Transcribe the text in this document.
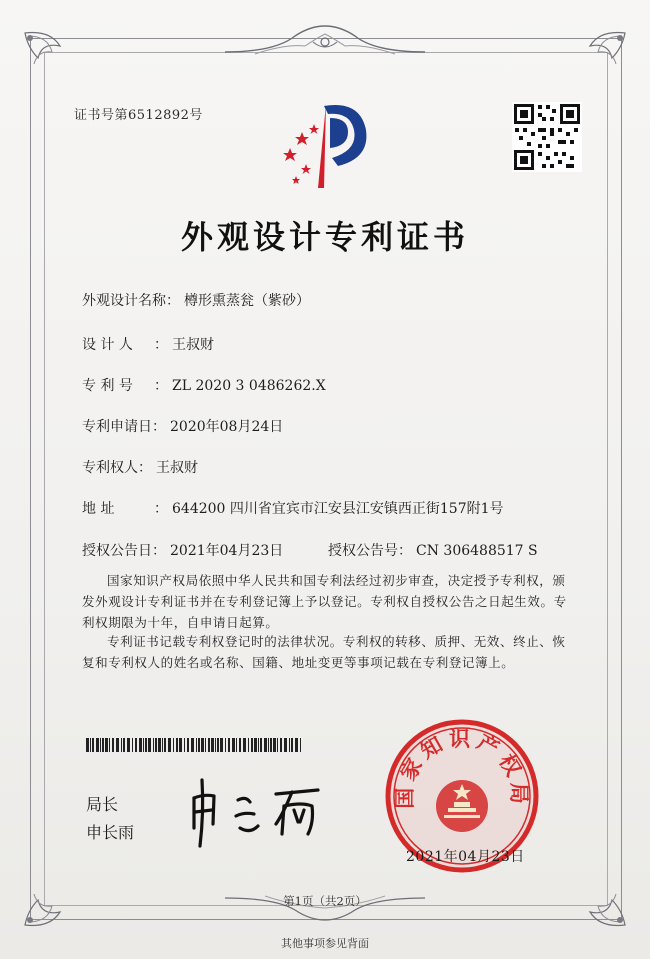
证书号第6512892号
外观设计专利证书
外观设计名称： 樽形熏蒸瓮（紫砂）
设 计 人 ： 王叔财
专 利 号 ： ZL 2020 3 0486262.X
专利申请日： 2020年08月24日
专利权人： 王叔财
地 址	： 644200 四川省宜宾市江安县江安镇西正街157附1号
授权公告日： 2021年04月23日	授权公告号： CN 306488517 S
国家知识产权局依照中华人民共和国专利法经过初步审查，决定授予专利权，颁发外观设计专利证书并在专利登记簿上予以登记。专利权自授权公告之日起生效。专利权期限为十年，自申请日起算。
专利证书记载专利权登记时的法律状况。专利权的转移、质押、无效、终止、恢复和专利权人的姓名或名称、国籍、地址变更等事项记载在专利登记簿上。
局长
申长雨
国家知识产权局
2021年04月23日
第1页（共2页）
其他事项参见背面
